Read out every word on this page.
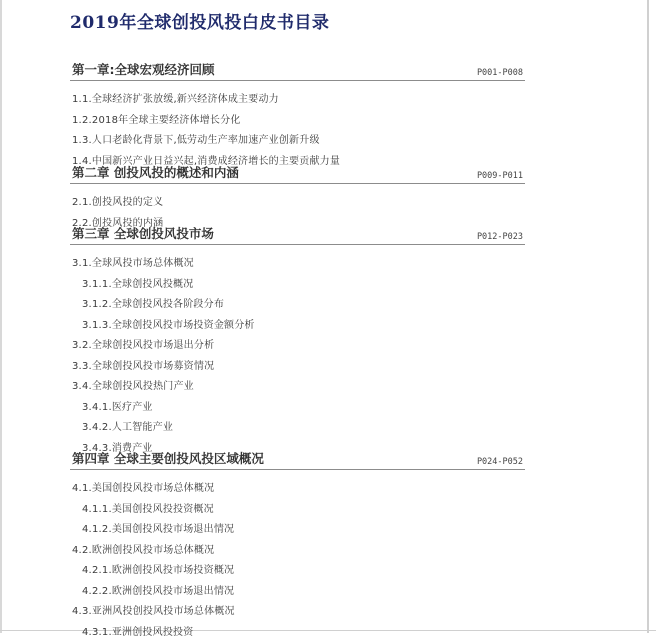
2019年全球创投风投白皮书目录
第一章:全球宏观经济回顾	P001-P008
1.1.全球经济扩张放缓,新兴经济体成主要动力
1.2.2018年全球主要经济体增长分化
1.3.人口老龄化背景下,低劳动生产率加速产业创新升级
1.4.中国新兴产业日益兴起,消费成经济增长的主要贡献力量
第二章 创投风投的概述和内涵	P009-P011
2.1.创投风投的定义
2.2.创投风投的内涵
第三章 全球创投风投市场	P012-P023
3.1.全球风投市场总体概况
3.1.1.全球创投风投概况
3.1.2.全球创投风投各阶段分布
3.1.3.全球创投风投市场投资金额分析
3.2.全球创投风投市场退出分析
3.3.全球创投风投市场募资情况
3.4.全球创投风投热门产业
3.4.1.医疗产业
3.4.2.人工智能产业
3.4.3.消费产业
第四章 全球主要创投风投区域概况	P024-P052
4.1.美国创投风投市场总体概况
4.1.1.美国创投风投投资概况
4.1.2.美国创投风投市场退出情况
4.2.欧洲创投风投市场总体概况
4.2.1.欧洲创投风投市场投资概况
4.2.2.欧洲创投风投市场退出情况
4.3.亚洲风投创投风投市场总体概况
4.3.1.亚洲创投风投投资
